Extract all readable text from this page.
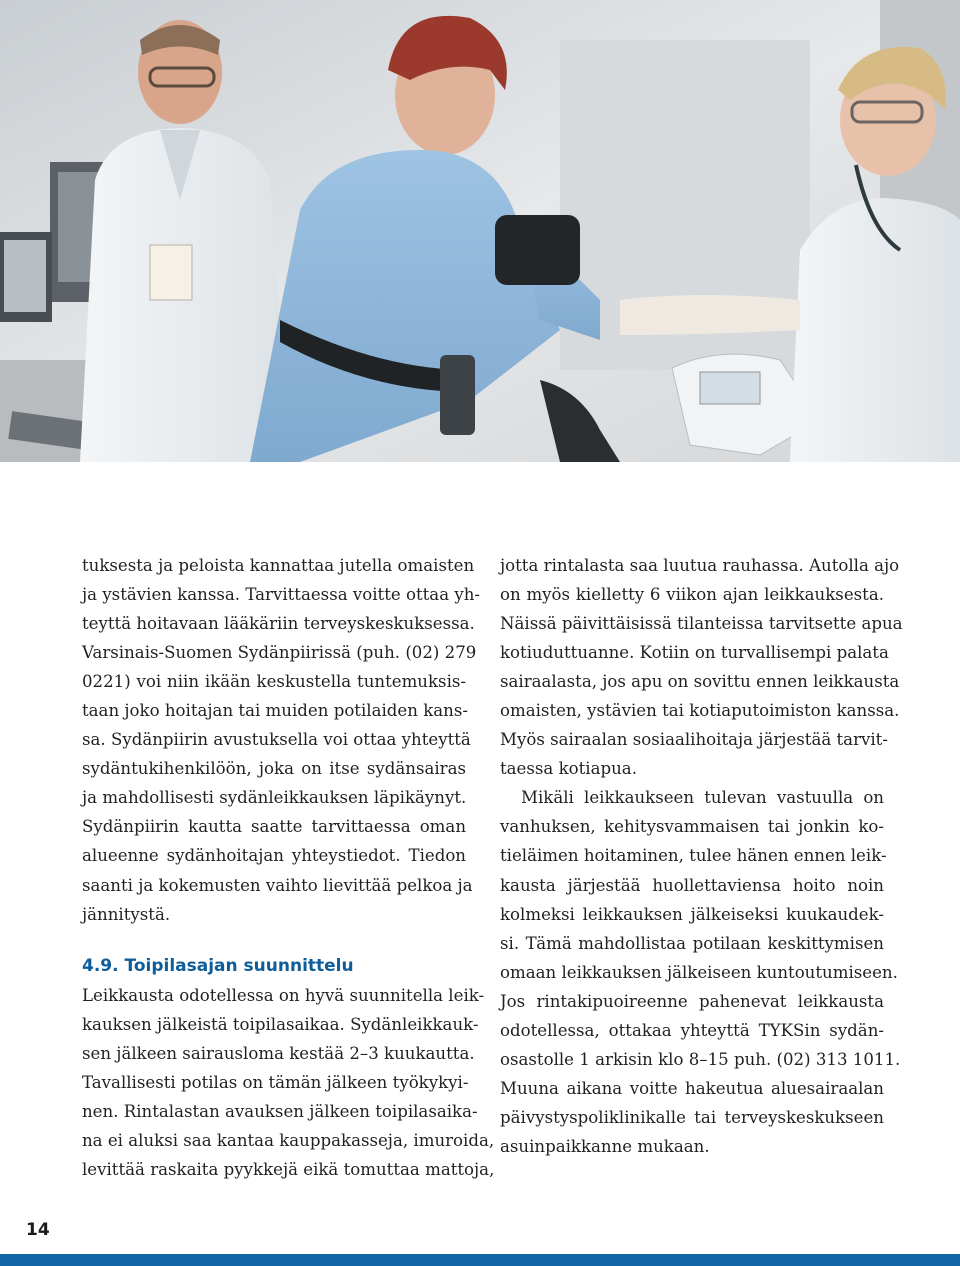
tuksesta ja peloista kannattaa jutella omaisten
ja ystävien kanssa. Tarvittaessa voitte ottaa yh-
teyttä hoitavaan lääkäriin terveyskeskuksessa.
Varsinais-Suomen Sydänpiirissä (puh. (02) 279
0221) voi niin ikään keskustella tuntemuksis-
taan joko hoitajan tai muiden potilaiden kans-
sa. Sydänpiirin avustuksella voi ottaa yhteyttä
sydäntukihenkilöön, joka on itse sydänsairas
ja mahdollisesti sydänleikkauksen läpikäynyt.
Sydänpiirin kautta saatte tarvittaessa oman
alueenne sydänhoitajan yhteystiedot. Tiedon
saanti ja kokemusten vaihto lievittää pelkoa ja
jännitystä.

4.9. Toipilasajan suunnittelu

Leikkausta odotellessa on hyvä suunnitella leik-
kauksen jälkeistä toipilasaikaa. Sydänleikkauk-
sen jälkeen sairausloma kestää 2–3 kuukautta.
Tavallisesti potilas on tämän jälkeen työkykyi-
nen. Rintalastan avauksen jälkeen toipilasaika-
na ei aluksi saa kantaa kauppakasseja, imuroida,
levittää raskaita pyykkejä eikä tomuttaa mattoja,

jotta rintalasta saa luutua rauhassa. Autolla ajo
on myös kielletty 6 viikon ajan leikkauksesta.
Näissä päivittäisissä tilanteissa tarvitsette apua
kotiuduttuanne. Kotiin on turvallisempi palata
sairaalasta, jos apu on sovittu ennen leikkausta
omaisten, ystävien tai kotiaputoimiston kanssa.
Myös sairaalan sosiaalihoitaja järjestää tarvit-
taessa kotiapua.

Mikäli leikkaukseen tulevan vastuulla on
vanhuksen, kehitysvammaisen tai jonkin ko-
tieläimen hoitaminen, tulee hänen ennen leik-
kausta järjestää huollettaviensa hoito noin
kolmeksi leikkauksen jälkeiseksi kuukaudek-
si. Tämä mahdollistaa potilaan keskittymisen
omaan leikkauksen jälkeiseen kuntoutumiseen.
Jos rintakipuoireenne pahenevat leikkausta
odotellessa, ottakaa yhteyttä TYKSin sydän-
osastolle 1 arkisin klo 8–15 puh. (02) 313 1011.
Muuna aikana voitte hakeutua aluesairaalan
päivystyspoliklinikalle tai terveyskeskukseen
asuinpaikkanne mukaan.

14
